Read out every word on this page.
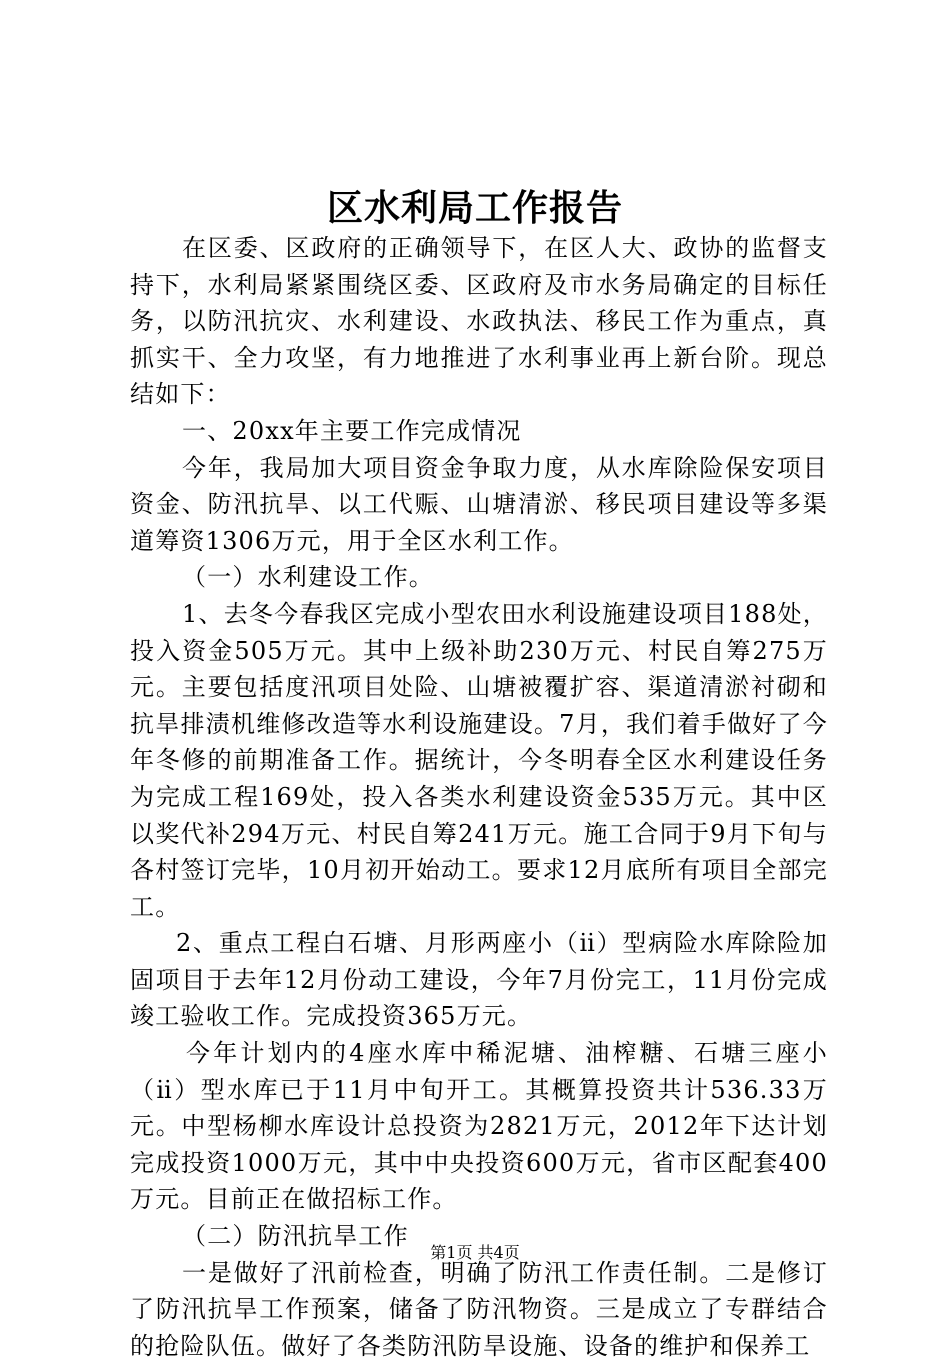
区水利局工作报告

在区委、区政府的正确领导下，在区人大、政协的监督支持下，水利局紧紧围绕区委、区政府及市水务局确定的目标任务，以防汛抗灾、水利建设、水政执法、移民工作为重点，真抓实干、全力攻坚，有力地推进了水利事业再上新台阶。现总结如下：

一、20xx年主要工作完成情况

今年，我局加大项目资金争取力度，从水库除险保安项目资金、防汛抗旱、以工代赈、山塘清淤、移民项目建设等多渠道筹资1306万元，用于全区水利工作。

（一）水利建设工作。

1、去冬今春我区完成小型农田水利设施建设项目188处，投入资金505万元。其中上级补助230万元、村民自筹275万元。主要包括度汛项目处险、山塘被覆扩容、渠道清淤衬砌和抗旱排渍机维修改造等水利设施建设。7月，我们着手做好了今年冬修的前期准备工作。据统计，今冬明春全区水利建设任务为完成工程169处，投入各类水利建设资金535万元。其中区以奖代补294万元、村民自筹241万元。施工合同于9月下旬与各村签订完毕，10月初开始动工。要求12月底所有项目全部完工。

2、重点工程白石塘、月形两座小（ⅱ）型病险水库除险加固项目于去年12月份动工建设，今年7月份完工，11月份完成竣工验收工作。完成投资365万元。

今年计划内的4座水库中稀泥塘、油榨糖、石塘三座小（ⅱ）型水库已于11月中旬开工。其概算投资共计536.33万元。中型杨柳水库设计总投资为2821万元，2012年下达计划完成投资1000万元，其中中央投资600万元，省市区配套400万元。目前正在做招标工作。

（二）防汛抗旱工作

一是做好了汛前检查，明确了防汛工作责任制。二是修订了防汛抗旱工作预案，储备了防汛物资。三是成立了专群结合的抢险队伍。做好了各类防汛防旱设施、设备的维护和保养工

第1页 共4页
